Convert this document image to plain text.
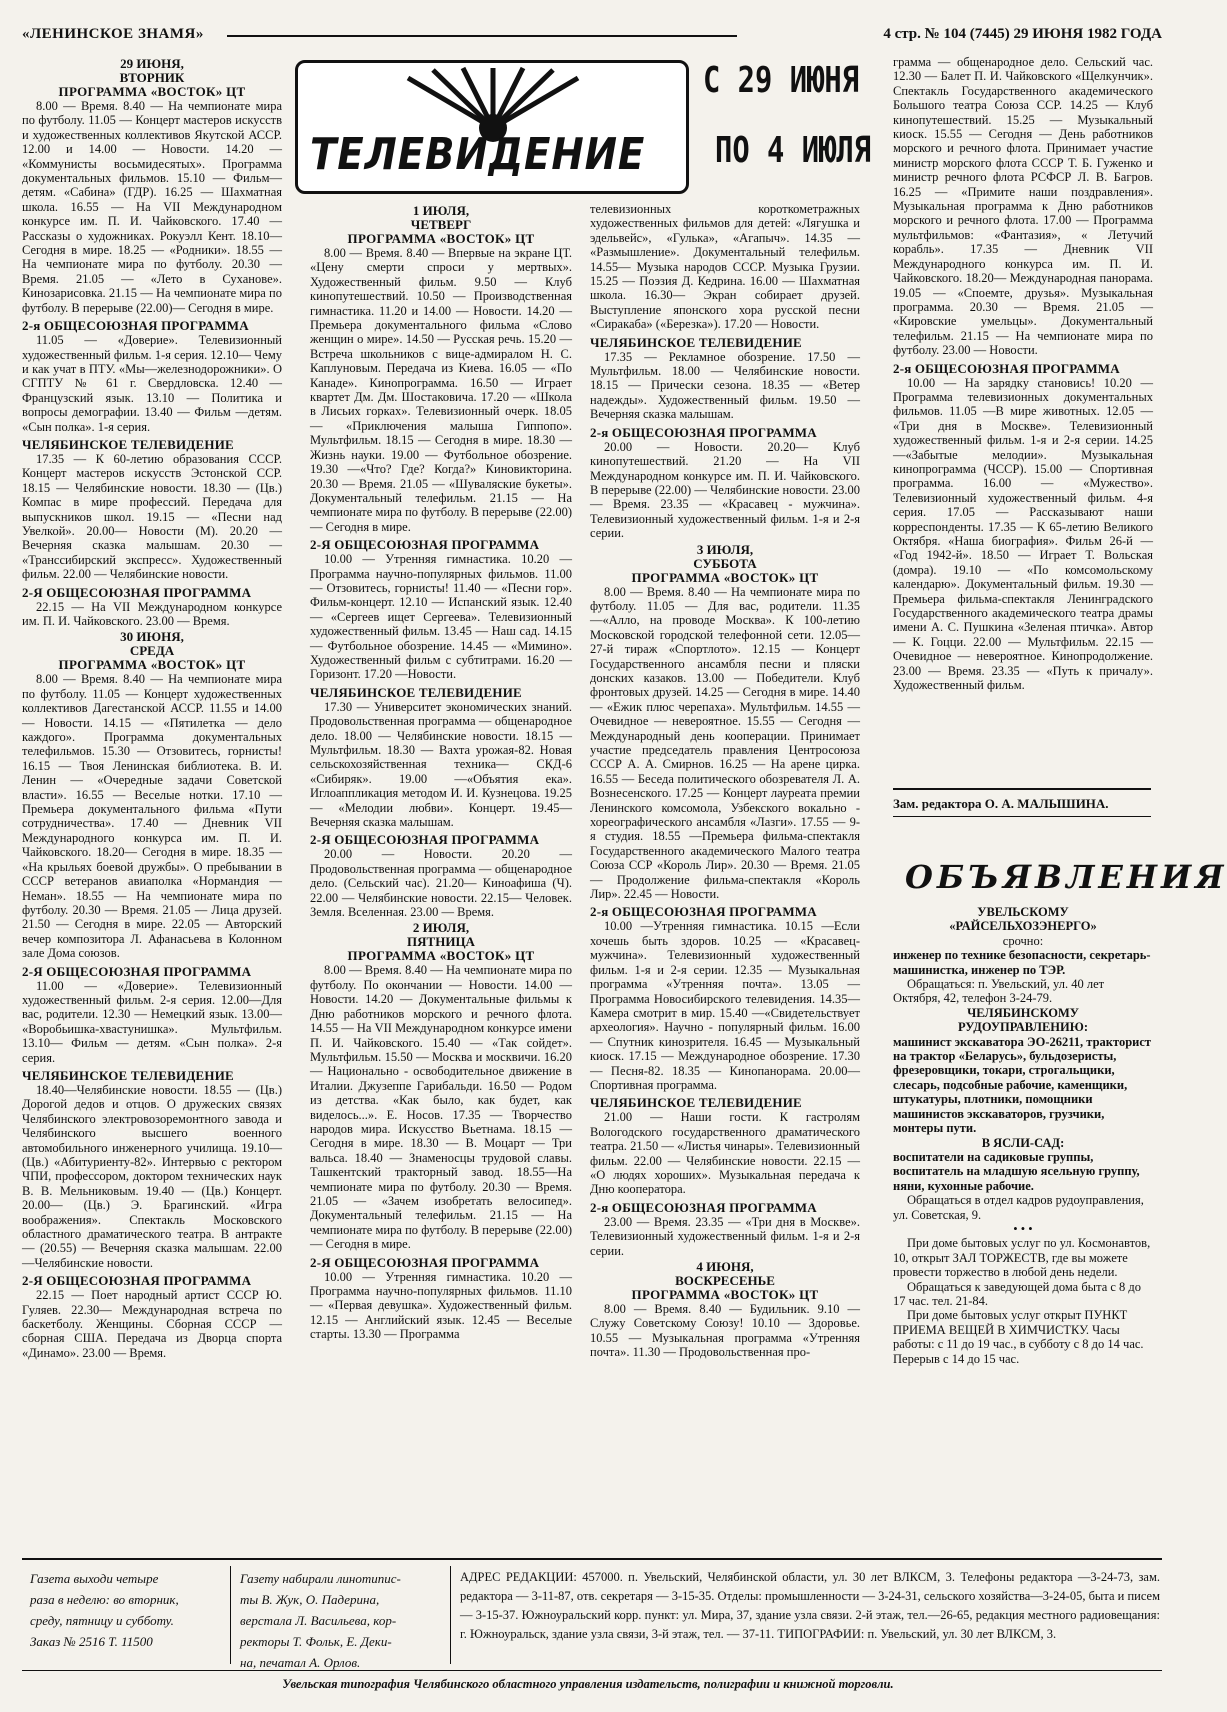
«ЛЕНИНСКОЕ ЗНАМЯ»	4 стр. № 104 (7445) 29 ИЮНЯ 1982 ГОДА
29 ИЮНЯ,
ВТОРНИК
ПРОГРАММА «ВОСТОК» ЦТ

8.00 — Время. 8.40 — На чемпионате мира по футболу. 11.05 — Концерт мастеров искусств и художественных коллективов Якутской АССР. 12.00 и 14.00 — Новости. 14.20 — «Коммунисты восьмидесятых». Программа документальных фильмов. 15.10 — Фильм—детям. «Сабина» (ГДР). 16.25 — Шахматная школа. 16.55 — На VII Международном конкурсе им. П. И. Чайковского. 17.40 — Рассказы о художниках. Рокуэлл Кент. 18.10— Сегодня в мире. 18.25 — «Родники». 18.55 — На чемпионате мира по футболу. 20.30 — Время. 21.05 — «Лето в Суханове». Кинозарисовка. 21.15 — На чемпионате мира по футболу. В перерыве (22.00)— Сегодня в мире.

2-я ОБЩЕСОЮЗНАЯ ПРОГРАММА

11.05 — «Доверие». Телевизионный художественный фильм. 1-я серия. 12.10— Чему и как учат в ПТУ. «Мы—железнодорожники». О СГПТУ № 61 г. Свердловска. 12.40 — Французский язык. 13.10 — Политика и вопросы демографии. 13.40 — Фильм —детям. «Сын полка». 1-я серия.

ЧЕЛЯБИНСКОЕ ТЕЛЕВИДЕНИЕ

17.35 — К 60-летию образования СССР. Концерт мастеров искусств Эстонской ССР. 18.15 — Челябинские новости. 18.30 — (Цв.) Компас в мире профессий. Передача для выпускников школ. 19.15 — «Песни над Увелкой». 20.00— Новости (М). 20.20 — Вечерняя сказка малышам. 20.30 — «Транссибирский экспресс». Художественный фильм. 22.00 — Челябинские новости.

2-Я ОБЩЕСОЮЗНАЯ ПРОГРАММА

22.15 — На VII Международном конкурсе им. П. И. Чайковского. 23.00 — Время.

30 ИЮНЯ,
СРЕДА
ПРОГРАММА «ВОСТОК» ЦТ

8.00 — Время. 8.40 — На чемпионате мира по футболу. 11.05 — Концерт художественных коллективов Дагестанской АССР. 11.55 и 14.00— Новости. 14.15 — «Пятилетка — дело каждого». Программа документальных телефильмов. 15.30 — Отзовитесь, горнисты! 16.15 — Твоя Ленинская библиотека. В. И. Ленин — «Очередные задачи Советской власти». 16.55 — Веселые нотки. 17.10 — Премьера документального фильма «Пути сотрудничества». 17.40 — Дневник VII Международного конкурса им. П. И. Чайковского. 18.20— Сегодня в мире. 18.35 — «На крыльях боевой дружбы». О пребывании в СССР ветеранов авиаполка «Нормандия — Неман». 18.55 — На чемпионате мира по футболу. 20.30 — Время. 21.05 — Лица друзей. 21.50 — Сегодня в мире. 22.05 — Авторский вечер композитора Л. Афанасьева в Колонном зале Дома союзов.

2-Я ОБЩЕСОЮЗНАЯ ПРОГРАММА

11.00 — «Доверие». Телевизионный художественный фильм. 2-я серия. 12.00—Для вас, родители. 12.30 — Немецкий язык. 13.00— «Воробьишка-хвастунишка». Мультфильм. 13.10— Фильм — детям. «Сын полка». 2-я серия.

ЧЕЛЯБИНСКОЕ ТЕЛЕВИДЕНИЕ

18.40—Челябинские новости. 18.55 — (Цв.) Дорогой дедов и отцов. О дружеских связях Челябинского электровозоремонтного завода и Челябинского высшего военного автомобильного инженерного училища. 19.10—(Цв.) «Абитуриенту-82». Интервью с ректором ЧПИ, профессором, доктором технических наук В. В. Мельниковым. 19.40 — (Цв.) Концерт. 20.00— (Цв.) Э. Брагинский. «Игра воображения». Спектакль Московского областного драматического театра. В антракте — (20.55) — Вечерняя сказка малышам. 22.00 —Челябинские новости.

2-Я ОБЩЕСОЮЗНАЯ ПРОГРАММА

22.15 — Поет народный артист СССР Ю. Гуляев. 22.30— Международная встреча по баскетболу. Женщины. Сборная СССР — сборная США. Передача из Дворца спорта «Динамо». 23.00 — Время.

ТЕЛЕВИДЕНИЕ
С 29 ИЮНЯ
ПО 4 ИЮЛЯ
1 ИЮЛЯ,
ЧЕТВЕРГ
ПРОГРАММА «ВОСТОК» ЦТ

8.00 — Время. 8.40 — Впервые на экране ЦТ. «Цену смерти спроси у мертвых». Художественный фильм. 9.50 — Клуб кинопутешествий. 10.50 — Производственная гимнастика. 11.20 и 14.00 — Новости. 14.20 — Премьера документального фильма «Слово женщин о мире». 14.50 — Русская речь. 15.20 — Встреча школьников с вице-адмиралом Н. С. Каплуновым. Передача из Киева. 16.05 — «По Канаде». Кинопрограмма. 16.50 — Играет квартет Дм. Дм. Шостаковича. 17.20 — «Школа в Лисьих горках». Телевизионный очерк. 18.05 — «Приключения малыша Гиппопо». Мультфильм. 18.15 — Сегодня в мире. 18.30 — Жизнь науки. 19.00 — Футбольное обозрение. 19.30 —«Что? Где? Когда?» Киновикторина. 20.30 — Время. 21.05 — «Шуваляские букеты». Документальный телефильм. 21.15 — На чемпионате мира по футболу. В перерыве (22.00) — Сегодня в мире.

2-Я ОБЩЕСОЮЗНАЯ ПРОГРАММА

10.00 — Утренняя гимнастика. 10.20 — Программа научно-популярных фильмов. 11.00 — Отзовитесь, горнисты! 11.40 — «Песни гор». Фильм-концерт. 12.10 — Испанский язык. 12.40 — «Сергеев ищет Сергеева». Телевизионный художественный фильм. 13.45 — Наш сад. 14.15 — Футбольное обозрение. 14.45 — «Мимино». Художественный фильм с субтитрами. 16.20 — Горизонт. 17.20 —Новости.

ЧЕЛЯБИНСКОЕ ТЕЛЕВИДЕНИЕ

17.30 — Университет экономических знаний. Продовольственная программа — общенародное дело. 18.00 — Челябинские новости. 18.15 — Мультфильм. 18.30 — Вахта урожая-82. Новая сельскохозяйственная техника— СКД-6 «Сибиряк». 19.00 —«Объятия ека». Иглоаппликация методом И. И. Кузнецова. 19.25 — «Мелодии любви». Концерт. 19.45— Вечерняя сказка малышам.

2-Я ОБЩЕСОЮЗНАЯ ПРОГРАММА

20.00 — Новости. 20.20 — Продовольственная программа — общенародное дело. (Сельский час). 21.20— Кинoафиша (Ч). 22.00 — Челябинские новости. 22.15— Человек. Земля. Вселенная. 23.00 — Время.

2 ИЮЛЯ,
ПЯТНИЦА
ПРОГРАММА «ВОСТОК» ЦТ

8.00 — Время. 8.40 — На чемпионате мира по футболу. По окончании — Новости. 14.00 — Новости. 14.20 — Документальные фильмы к Дню работников морского и речного флота. 14.55 — На VII Международном конкурсе имени П. И. Чайковского. 15.40 — «Так сойдет». Мультфильм. 15.50 — Москва и москвичи. 16.20— Национально - освободительное движение в Италии. Джузеппе Гарибальди. 16.50 — Родом из детства. «Как было, как будет, как виделось...». Е. Носов. 17.35 — Творчество народов мира. Искусство Вьетнама. 18.15 — Сегодня в мире. 18.30 — В. Моцарт — Три вальса. 18.40 — Знаменосцы трудовой славы. Ташкентский тракторный завод. 18.55—На чемпионате мира по футболу. 20.30 — Время. 21.05 — «Зачем изобретать велосипед». Документальный телефильм. 21.15 — На чемпионате мира по футболу. В перерыве (22.00) — Сегодня в мире.

2-Я ОБЩЕСОЮЗНАЯ ПРОГРАММА

10.00 — Утренняя гимнастика. 10.20 — Программа научно-популярных фильмов. 11.10 — «Первая девушка». Художественный фильм. 12.15 — Английский язык. 12.45 — Веселые старты. 13.30 — Программа

телевизионных короткометражных художественных фильмов для детей: «Лягушка и эдельвейс», «Гулька», «Агапыч». 14.35 — «Размышление». Документальный телефильм. 14.55— Музыка народов СССР. Музыка Грузии. 15.25 — Поэзия Д. Кедрина. 16.00 — Шахматная школа. 16.30— Экран собирает друзей. Выступление японского хора русской песни «Сиракаба» («Березка»). 17.20 — Новости.

ЧЕЛЯБИНСКОЕ ТЕЛЕВИДЕНИЕ

17.35 — Рекламное обозрение. 17.50 — Мультфильм. 18.00 — Челябинские новости. 18.15 — Прически сезона. 18.35 — «Ветер надежды». Художественный фильм. 19.50 — Вечерняя сказка малышам.

2-я ОБЩЕСОЮЗНАЯ ПРОГРАММА

20.00 — Новости. 20.20— Клуб кинопутешествий. 21.20 — На VII Международном конкурсе им. П. И. Чайковского. В перерыве (22.00) — Челябинские новости. 23.00 — Время. 23.35 — «Красавец - мужчина». Телевизионный художественный фильм. 1-я и 2-я серии.

3 ИЮЛЯ,
СУББОТА
ПРОГРАММА «ВОСТОК» ЦТ

8.00 — Время. 8.40 — На чемпионате мира по футболу. 11.05 — Для вас, родители. 11.35 —«Алло, на проводе Москва». К 100-летию Московской городской телефонной сети. 12.05—27-й тираж «Спортлото». 12.15 — Концерт Государственного ансамбля песни и пляски донских казаков. 13.00 — Победители. Клуб фронтовых друзей. 14.25 — Сегодня в мире. 14.40 — «Ежик плюс черепаха». Мультфильм. 14.55 — Очевидное — невероятное. 15.55 — Сегодня — Международный день кооперации. Принимает участие председатель правления Центросоюза СССР А. А. Смирнов. 16.25 — На арене цирка. 16.55 — Беседа политического обозревателя Л. А. Вознесенского. 17.25 — Концерт лауреата премии Ленинского комсомола, Узбекского вокально - хореографического ансамбля «Лазги». 17.55 — 9-я студия. 18.55 —Премьера фильма-спектакля Государственного академического Малого театра Союза ССР «Король Лир». 20.30 — Время. 21.05 — Продолжение фильма-спектакля «Король Лир». 22.45 — Новости.

2-я ОБЩЕСОЮЗНАЯ ПРОГРАММА

10.00 —Утренняя гимнастика. 10.15 —Если хочешь быть здоров. 10.25 — «Красавец-мужчина». Телевизионный художественный фильм. 1-я и 2-я серии. 12.35 — Музыкальная программа «Утренняя почта». 13.05 — Программа Новосибирского телевидения. 14.35— Камера смотрит в мир. 15.40 —«Свидетельствует археология». Научно - популярный фильм. 16.00 — Спутник кинозрителя. 16.45 — Музыкальный киоск. 17.15 — Международное обозрение. 17.30 — Песня-82. 18.35 — Кинопанорама. 20.00—Спортивная программа.

ЧЕЛЯБИНСКОЕ ТЕЛЕВИДЕНИЕ

21.00 — Наши гости. К гастролям Вологодского государственного драматического театра. 21.50 — «Листья чинары». Телевизионный фильм. 22.00 — Челябинские новости. 22.15 — «О людях хороших». Музыкальная передача к Дню кооператора.

2-я ОБЩЕСОЮЗНАЯ ПРОГРАММА

23.00 — Время. 23.35 — «Три дня в Москве». Телевизионный художественный фильм. 1-я и 2-я серии.

4 ИЮНЯ,
ВОСКРЕСЕНЬЕ
ПРОГРАММА «ВОСТОК» ЦТ

8.00 — Время. 8.40 — Будильник. 9.10 — Служу Советскому Союзу! 10.10 — Здоровье. 10.55 — Музыкальная программа «Утренняя почта». 11.30 — Продовольственная про-

грамма — общенародное дело. Сельский час. 12.30 — Балет П. И. Чайковского «Щелкунчик». Спектакль Государственного академического Большого театра Союза ССР. 14.25 — Клуб кинопутешествий. 15.25 — Музыкальный киоск. 15.55 — Сегодня — День работников морского и речного флота. Принимает участие министр морского флота СССР Т. Б. Гуженко и министр речного флота РСФСР Л. В. Багров. 16.25 — «Примите наши поздравления». Музыкальная программа к Дню работников морского и речного флота. 17.00 — Программа мультфильмов: «Фантазия», « Летучий корабль». 17.35 — Дневник VII Международного конкурса им. П. И. Чайковского. 18.20— Международная панорама. 19.05 — «Споемте, друзья». Музыкальная программа. 20.30 — Время. 21.05 — «Кировские умельцы». Документальный телефильм. 21.15 — На чемпионате мира по футболу. 23.00 — Новости.

2-я ОБЩЕСОЮЗНАЯ ПРОГРАММА

10.00 — На зарядку становись! 10.20 — Программа телевизионных документальных фильмов. 11.05 —В мире животных. 12.05 — «Три дня в Москве». Телевизионный художественный фильм. 1-я и 2-я серии. 14.25 —«Забытые мелодии». Музыкальная кинопрограмма (ЧССР). 15.00 — Спортивная программа. 16.00 — «Мужество». Телевизионный художественный фильм. 4-я серия. 17.05 — Рассказывают наши корреспонденты. 17.35 — К 65-летию Великого Октября. «Наша биография». Фильм 26-й — «Год 1942-й». 18.50 — Играет Т. Вольская (домра). 19.10 — «По комсомольскому календарю». Документальный фильм. 19.30 — Премьера фильма-спектакля Ленинградского Государственного академического театра драмы имени А. С. Пушкина «Зеленая птичка». Автор — К. Гоцци. 22.00 — Мультфильм. 22.15 — Очевидное — невероятное. Кинопродолжение. 23.00 — Время. 23.35 — «Путь к причалу». Художественный фильм.

Зам. редактора О. А. МАЛЫШИНА.
ОБЪЯВЛЕНИЯ

УВЕЛЬСКОМУ
«РАЙСЕЛЬХОЗЭНЕРГО»

срочно:

инженер по технике безопасности, секретарь-машинистка, инженер по ТЭР.

Обращаться: п. Увельский, ул. 40 лет Октября, 42, телефон 3-24-79.

ЧЕЛЯБИНСКОМУ
РУДОУПРАВЛЕНИЮ:

машинист экскаватора ЭО-26211, тракторист на трактор «Беларусь», бульдозеристы, фрезеровщики, токари, строгальщики, слесарь, подсобные рабочие, каменщики, штукатуры, плотники, помощники машинистов экскаваторов, грузчики, монтеры пути.

В ЯСЛИ-САД:

воспитатели на садиковые группы, воспитатель на младшую ясельную группу, няни, кухонные рабочие.

Обращаться в отдел кадров рудоуправления, ул. Советская, 9.

• • •

При доме бытовых услуг по ул. Космонавтов, 10, открыт ЗАЛ ТОРЖЕСТВ, где вы можете провести торжество в любой день недели.

Обращаться к заведующей дома быта с 8 до 17 час. тел. 21-84.

При доме бытовых услуг открыт ПУНКТ ПРИЕМА ВЕЩЕЙ В ХИМЧИСТКУ. Часы работы: с 11 до 19 час., в субботу с 8 до 14 час. Перерыв с 14 до 15 час.

Газета выходи четыре

раза в неделю: во вторник,

среду, пятницу и субботу.

Заказ № 2516 Т. 11500

Газету набирали линотипис-

ты В. Жук, О. Падерина,

верстала Л. Васильева, кор-

ректоры Т. Фольк, Е. Деки-

на, печатал А. Орлов.

АДРЕС РЕДАКЦИИ: 457000. п. Увельский, Челябинской области, ул. 30 лет ВЛКСМ, 3. Телефоны редактора —3-24-73, зам. редактора — 3-11-87, отв. секретаря — 3-15-35. Отделы: промышленности — 3-24-31, сельского хозяйства—3-24-05, быта и писем— 3-15-37. Южноуральский корр. пункт: ул. Мира, 37, здание узла связи. 2-й этаж, тел.—26-65, редакция местного радиовещания: г. Южноуральск, здание узла связи, 3-й этаж, тел. — 37-11. ТИПОГРАФИИ: п. Увельский, ул. 30 лет ВЛКСМ, 3.
Увельская типография Челябинского областного управления издательств, полиграфии и книжной торговли.
